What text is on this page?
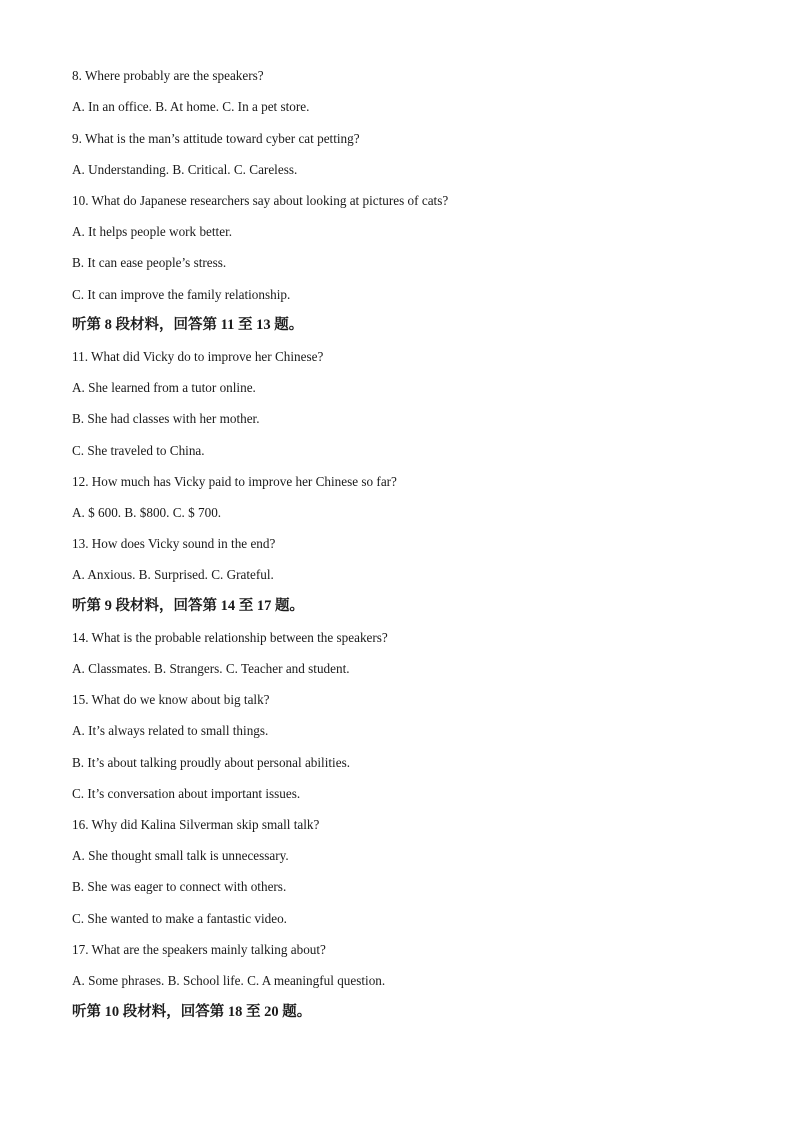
8. Where probably are the speakers?
A. In an office. B. At home. C. In a pet store.
9. What is the man’s attitude toward cyber cat petting?
A. Understanding. B. Critical. C. Careless.
10. What do Japanese researchers say about looking at pictures of cats?
A. It helps people work better.
B. It can ease people’s stress.
C. It can improve the family relationship.
听第 8 段材料，回答第 11 至 13 题。
11. What did Vicky do to improve her Chinese?
A. She learned from a tutor online.
B. She had classes with her mother.
C. She traveled to China.
12. How much has Vicky paid to improve her Chinese so far?
A. $ 600. B. $800. C. $ 700.
13. How does Vicky sound in the end?
A. Anxious. B. Surprised. C. Grateful.
听第 9 段材料，回答第 14 至 17 题。
14. What is the probable relationship between the speakers?
A. Classmates. B. Strangers. C. Teacher and student.
15. What do we know about big talk?
A. It’s always related to small things.
B. It’s about talking proudly about personal abilities.
C. It’s conversation about important issues.
16. Why did Kalina Silverman skip small talk?
A. She thought small talk is unnecessary.
B. She was eager to connect with others.
C. She wanted to make a fantastic video.
17. What are the speakers mainly talking about?
A. Some phrases. B. School life. C. A meaningful question.
听第 10 段材料，回答第 18 至 20 题。
